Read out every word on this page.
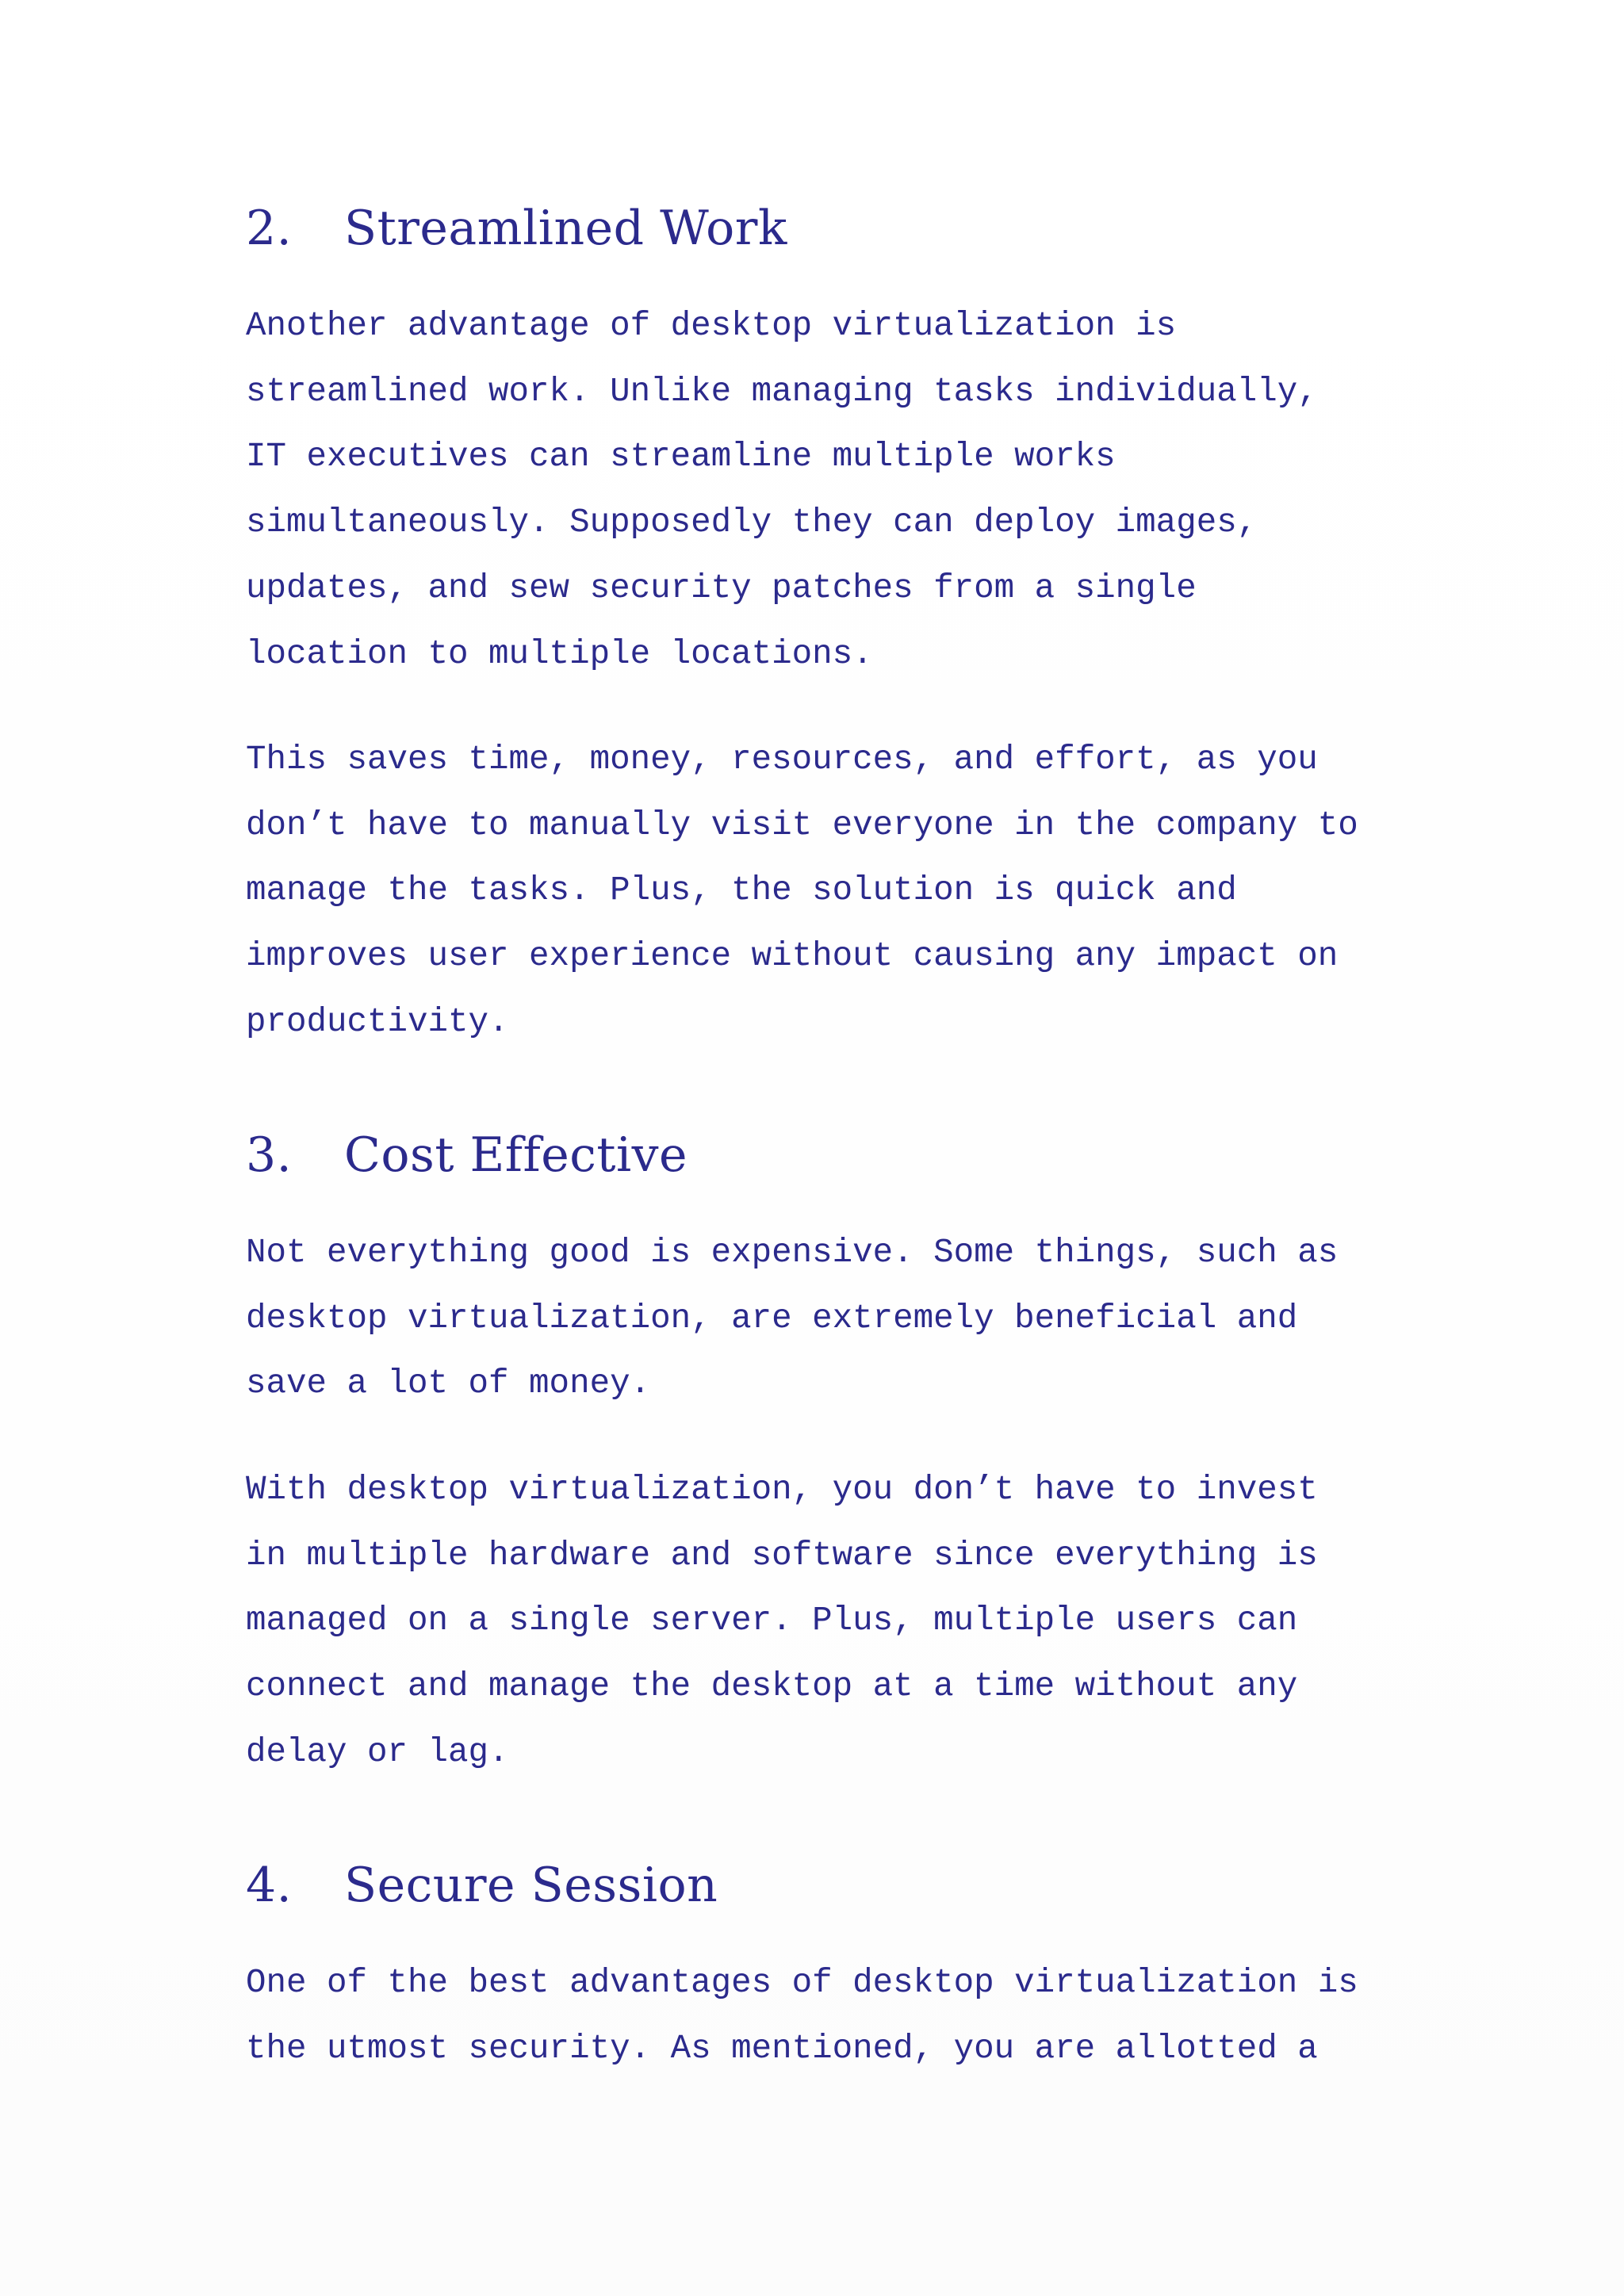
2. Streamlined Work

Another advantage of desktop virtualization is
streamlined work. Unlike managing tasks individually,
IT executives can streamline multiple works
simultaneously. Supposedly they can deploy images,
updates, and sew security patches from a single
location to multiple locations.

This saves time, money, resources, and effort, as you
don’t have to manually visit everyone in the company to
manage the tasks. Plus, the solution is quick and
improves user experience without causing any impact on
productivity.

3. Cost Effective

Not everything good is expensive. Some things, such as
desktop virtualization, are extremely beneficial and
save a lot of money.

With desktop virtualization, you don’t have to invest
in multiple hardware and software since everything is
managed on a single server. Plus, multiple users can
connect and manage the desktop at a time without any
delay or lag.

4. Secure Session

One of the best advantages of desktop virtualization is
the utmost security. As mentioned, you are allotted a
